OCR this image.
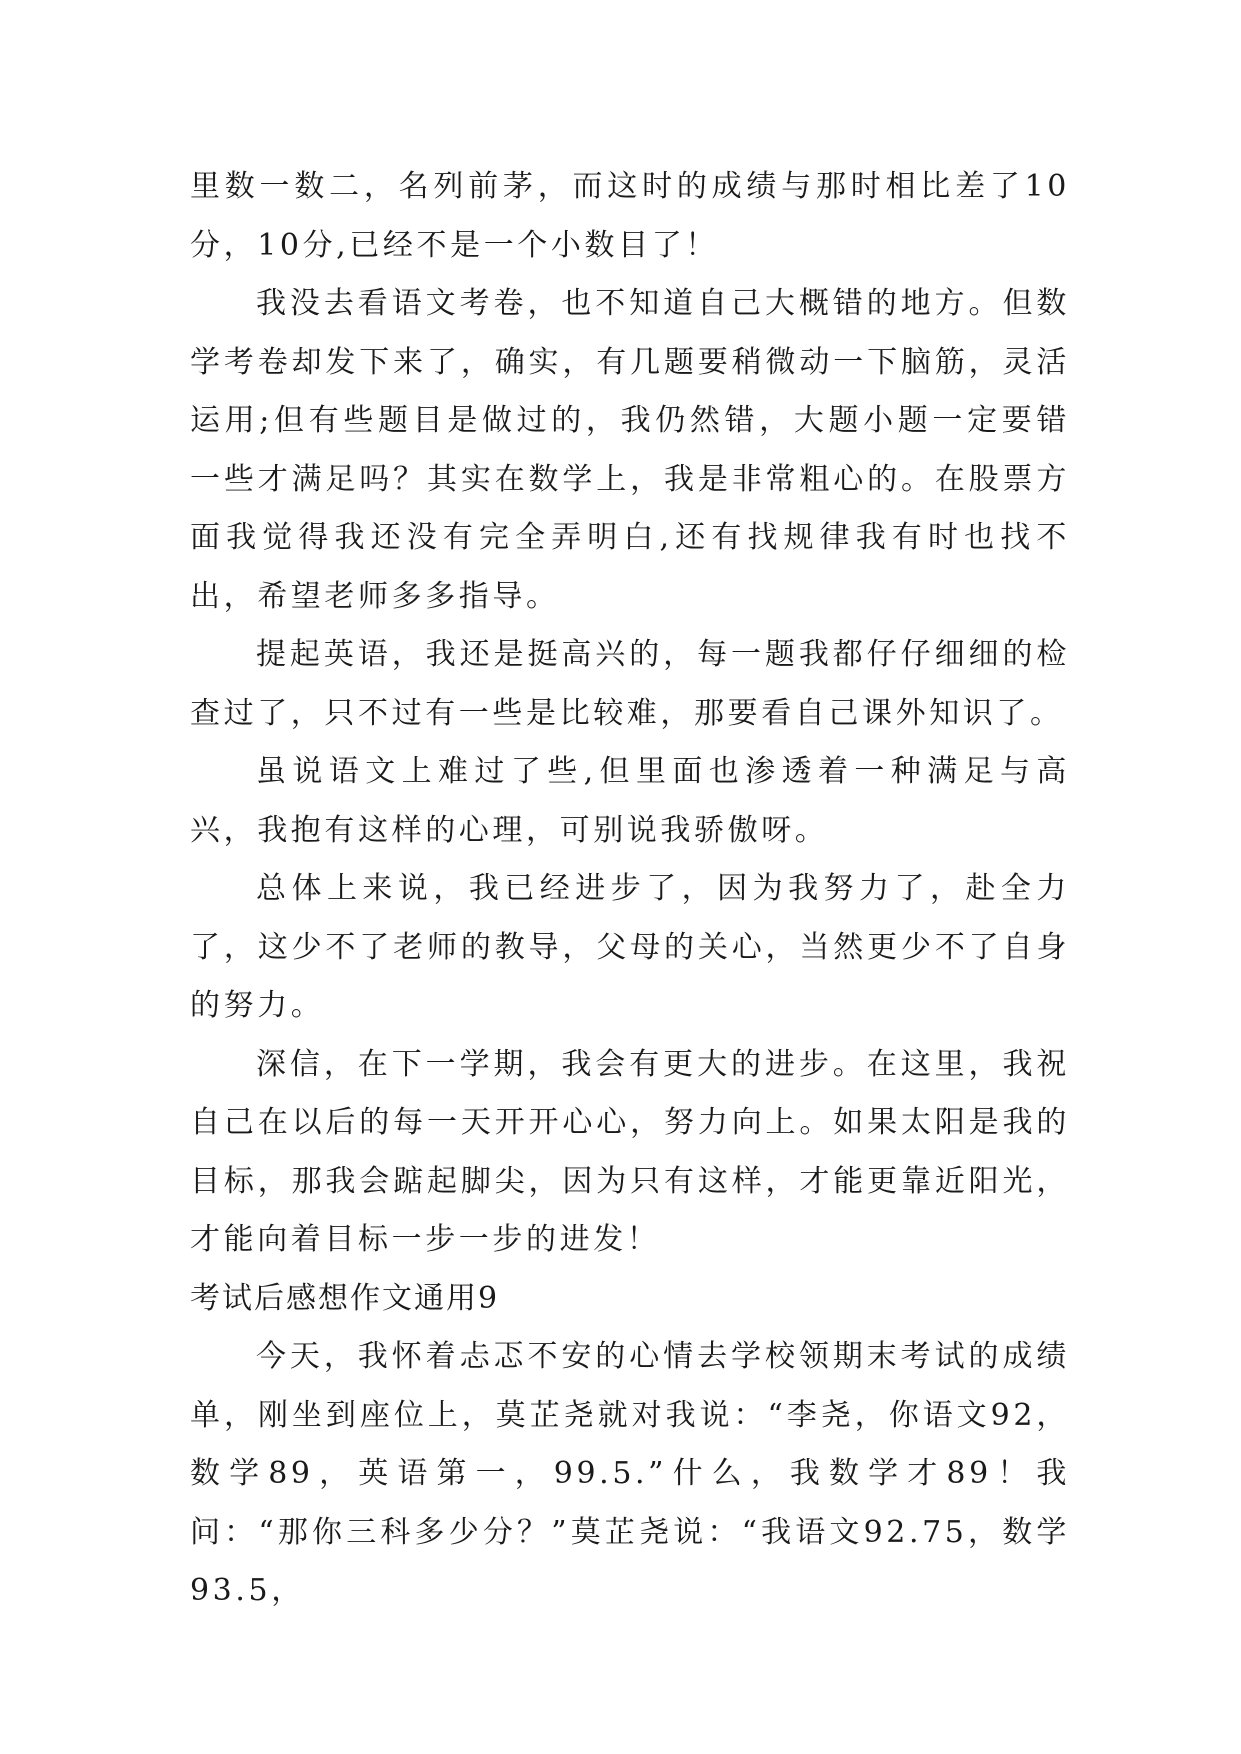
里数一数二，名列前茅，而这时的成绩与那时相比差了10分，10分,已经不是一个小数目了！

我没去看语文考卷，也不知道自己大概错的地方。但数学考卷却发下来了，确实，有几题要稍微动一下脑筋，灵活运用;但有些题目是做过的，我仍然错，大题小题一定要错一些才满足吗？其实在数学上，我是非常粗心的。在股票方面我觉得我还没有完全弄明白,还有找规律我有时也找不出，希望老师多多指导。

提起英语，我还是挺高兴的，每一题我都仔仔细细的检查过了，只不过有一些是比较难，那要看自己课外知识了。

虽说语文上难过了些,但里面也渗透着一种满足与高兴，我抱有这样的心理，可别说我骄傲呀。

总体上来说，我已经进步了，因为我努力了，赴全力了，这少不了老师的教导，父母的关心，当然更少不了自身的努力。

深信，在下一学期，我会有更大的进步。在这里，我祝自己在以后的每一天开开心心，努力向上。如果太阳是我的目标，那我会踮起脚尖，因为只有这样，才能更靠近阳光，才能向着目标一步一步的进发！

考试后感想作文通用9

今天，我怀着忐忑不安的心情去学校领期末考试的成绩单，刚坐到座位上，莫芷尧就对我说：“李尧，你语文92，数学89，英语第一，99.5.”什么，我数学才89！我问：“那你三科多少分？”莫芷尧说：“我语文92.75，数学93.5，
